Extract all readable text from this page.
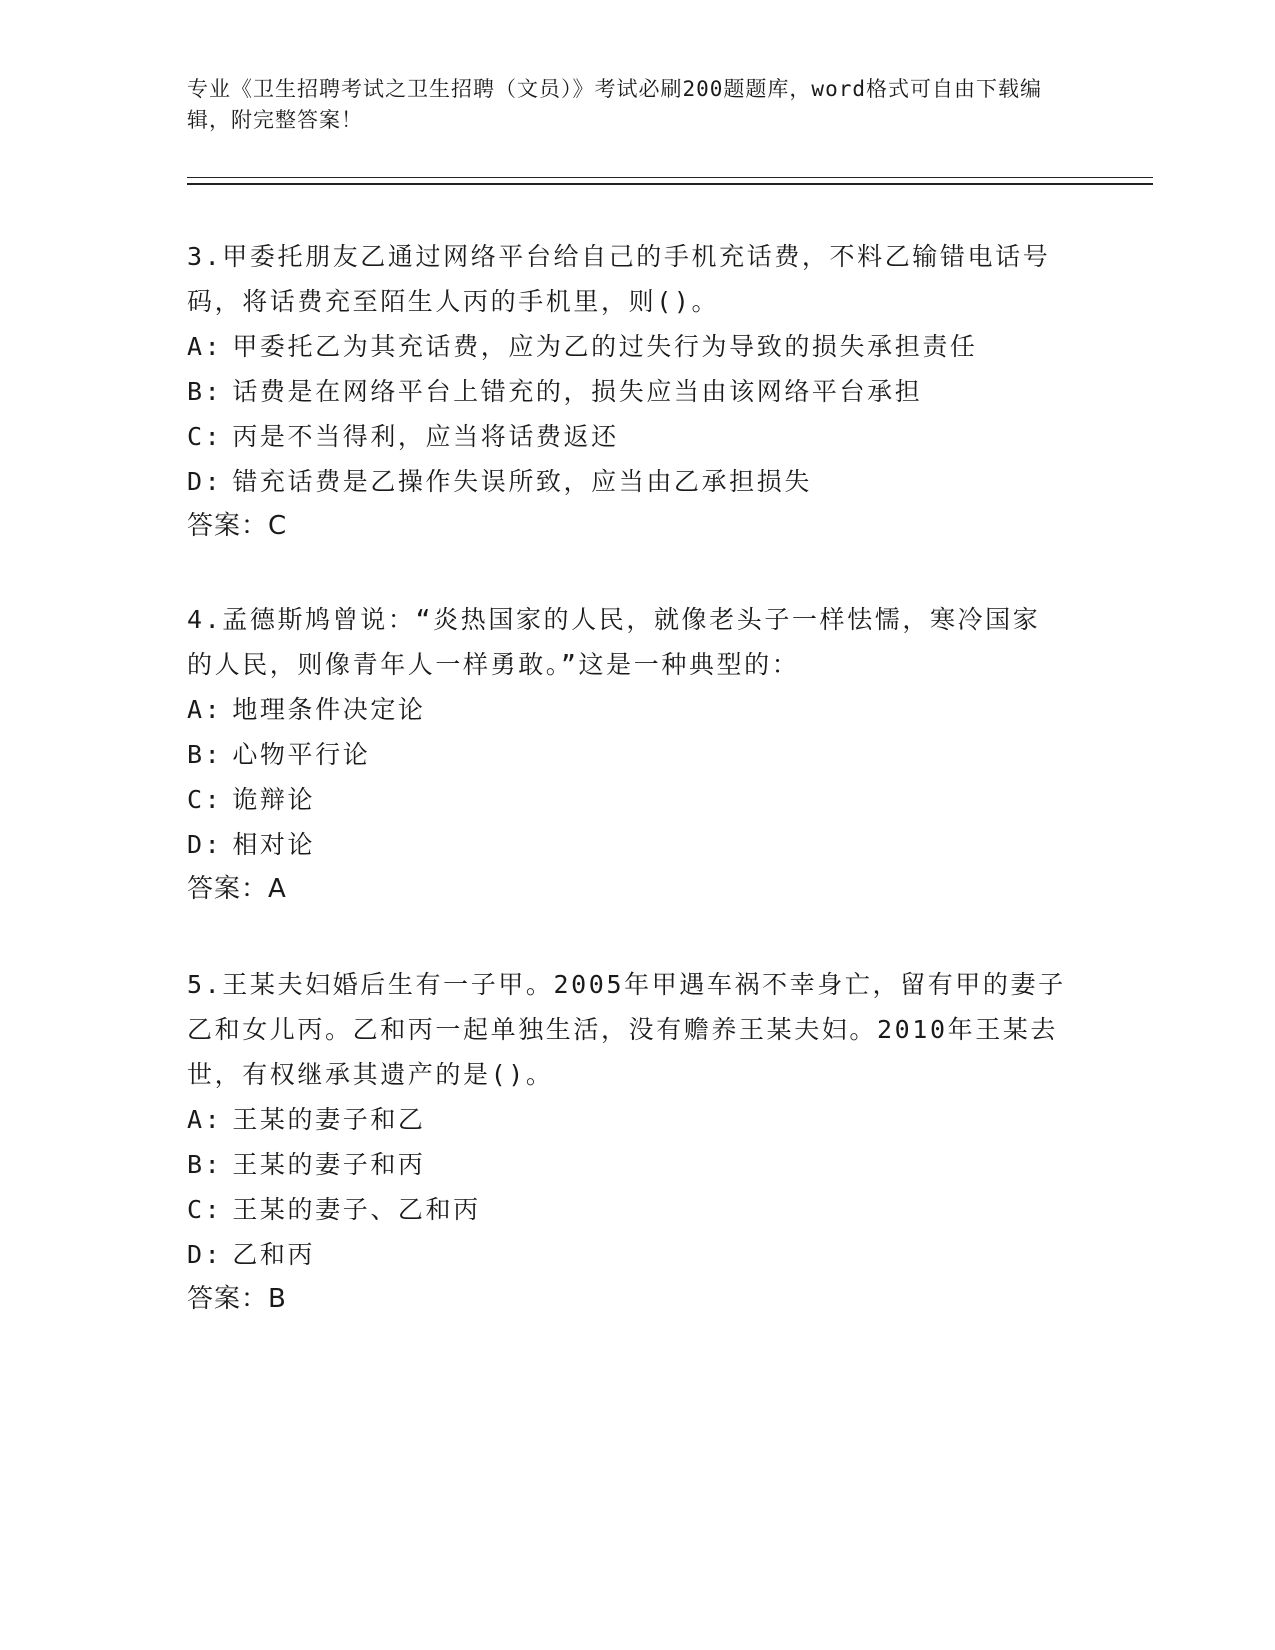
专业《卫生招聘考试之卫生招聘（文员）》考试必刷200题题库，word格式可自由下载编辑，附完整答案！
3.甲委托朋友乙通过网络平台给自己的手机充话费，不料乙输错电话号码，将话费充至陌生人丙的手机里，则()。
A: 甲委托乙为其充话费，应为乙的过失行为导致的损失承担责任
B: 话费是在网络平台上错充的，损失应当由该网络平台承担
C: 丙是不当得利，应当将话费返还
D: 错充话费是乙操作失误所致，应当由乙承担损失
答案：C
4.孟德斯鸠曾说：“炎热国家的人民，就像老头子一样怯懦，寒冷国家的人民，则像青年人一样勇敢。”这是一种典型的：
A: 地理条件决定论
B: 心物平行论
C: 诡辩论
D: 相对论
答案：A
5.王某夫妇婚后生有一子甲。2005年甲遇车祸不幸身亡，留有甲的妻子乙和女儿丙。乙和丙一起单独生活，没有赡养王某夫妇。2010年王某去世，有权继承其遗产的是()。
A: 王某的妻子和乙
B: 王某的妻子和丙
C: 王某的妻子、乙和丙
D: 乙和丙
答案：B
